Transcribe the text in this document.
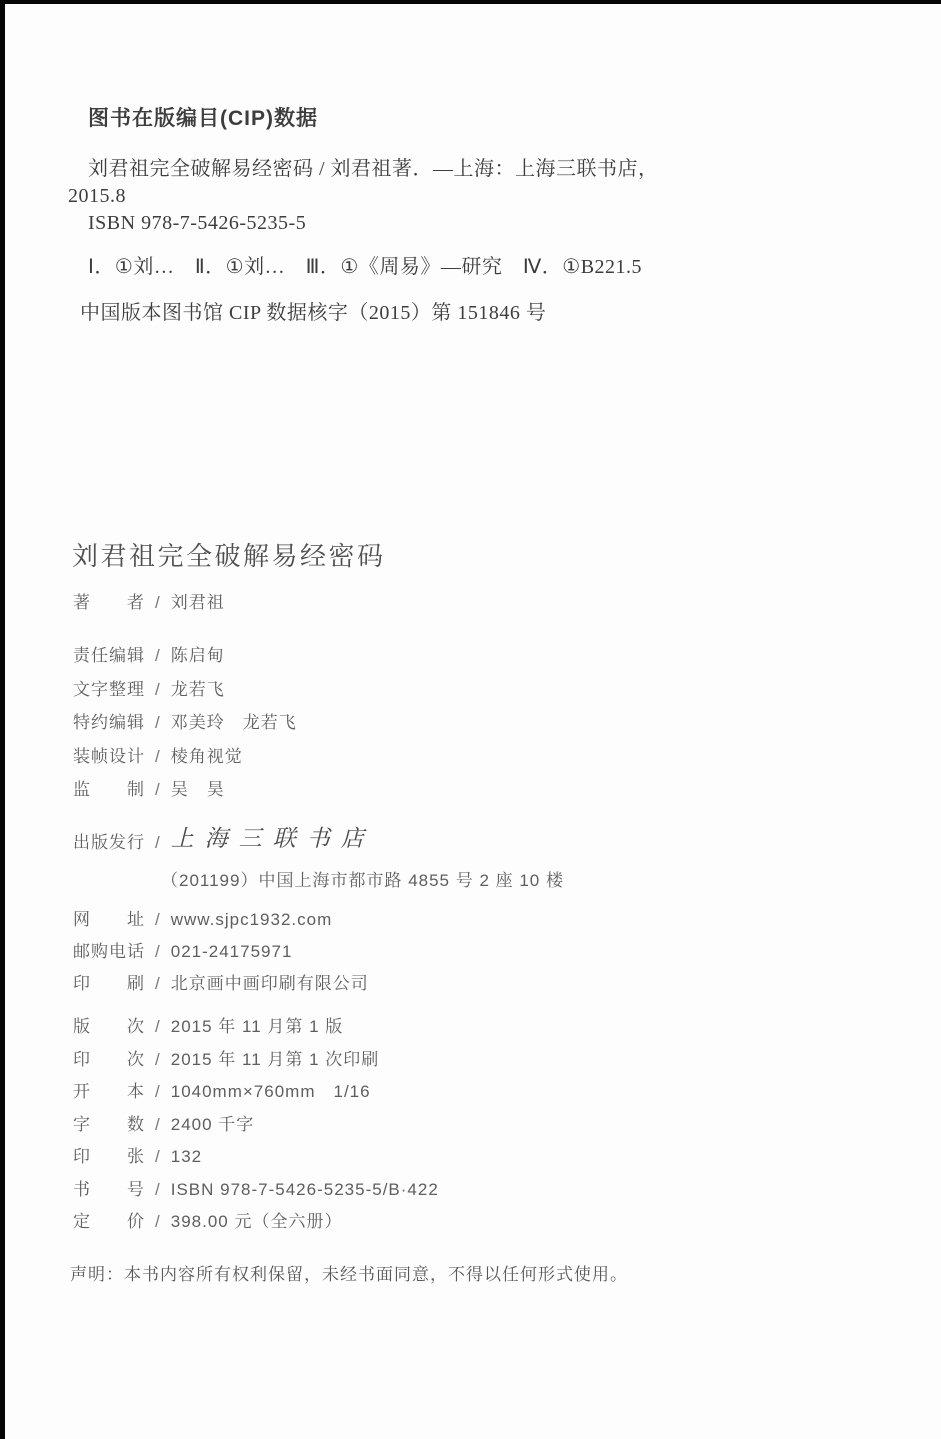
图书在版编目(CIP)数据
刘君祖完全破解易经密码 / 刘君祖著．—上海：上海三联书店，
2015.8
ISBN 978-7-5426-5235-5
Ⅰ．①刘…　Ⅱ．①刘…　Ⅲ．①《周易》—研究　Ⅳ．①B221.5
中国版本图书馆 CIP 数据核字（2015）第 151846 号
刘君祖完全破解易经密码
著　　者 / 刘君祖
责任编辑 / 陈启甸
文字整理 / 龙若飞
特约编辑 / 邓美玲　龙若飞
装帧设计 / 棱角视觉
监　　制 / 吴　昊
出版发行 / 上海三联书店
（201199）中国上海市都市路 4855 号 2 座 10 楼
网　　址 / www.sjpc1932.com
邮购电话 / 021-24175971
印　　刷 / 北京画中画印刷有限公司
版　　次 / 2015 年 11 月第 1 版
印　　次 / 2015 年 11 月第 1 次印刷
开　　本 / 1040mm×760mm　1/16
字　　数 / 2400 千字
印　　张 / 132
书　　号 / ISBN 978-7-5426-5235-5/B·422
定　　价 / 398.00 元（全六册）
声明：本书内容所有权利保留，未经书面同意，不得以任何形式使用。
